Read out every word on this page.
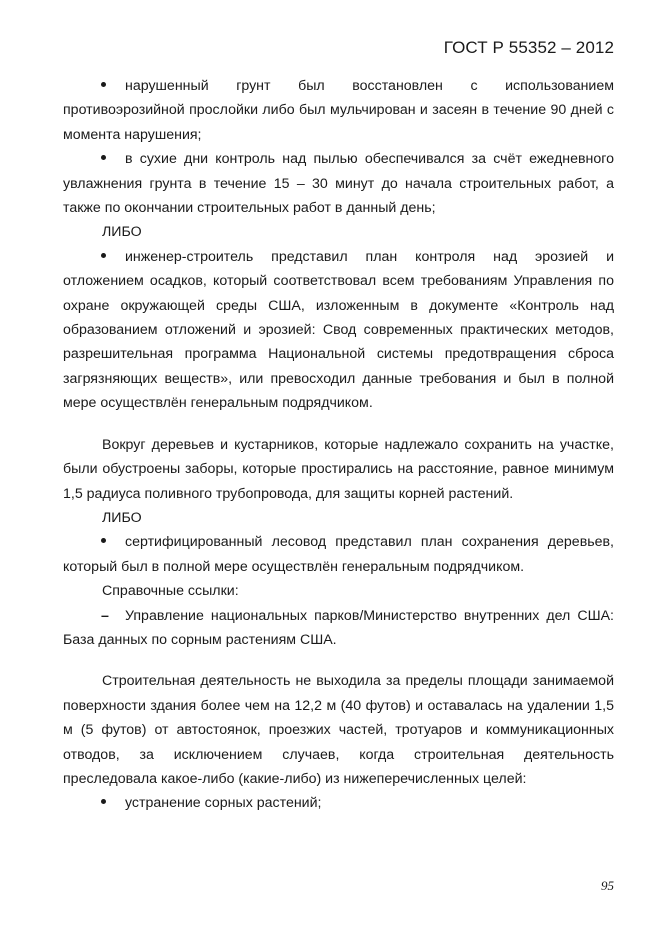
ГОСТ Р 55352 – 2012
нарушенный грунт был восстановлен с использованием противоэрозийной прослойки либо был мульчирован и засеян в течение 90 дней с момента нарушения;
в сухие дни контроль над пылью обеспечивался за счёт ежедневного увлажнения грунта в течение 15 – 30 минут до начала строительных работ, а также по окончании строительных работ в данный день;
ЛИБО
инженер-строитель представил план контроля над эрозией и отложением осадков, который соответствовал всем требованиям Управления по охране окружающей среды США, изложенным в документе «Контроль над образованием отложений и эрозией: Свод современных практических методов, разрешительная программа Национальной системы предотвращения сброса загрязняющих веществ», или превосходил данные требования и был в полной мере осуществлён генеральным подрядчиком.

Вокруг деревьев и кустарников, которые надлежало сохранить на участке, были обустроены заборы, которые простирались на расстояние, равное минимум 1,5 радиуса поливного трубопровода, для защиты корней растений.

ЛИБО
сертифицированный лесовод представил план сохранения деревьев, который был в полной мере осуществлён генеральным подрядчиком.
Справочные ссылки:
– Управление национальных парков/Министерство внутренних дел США: База данных по сорным растениям США.

Строительная деятельность не выходила за пределы площади занимаемой поверхности здания более чем на 12,2 м (40 футов) и оставалась на удалении 1,5 м (5 футов) от автостоянок, проезжих частей, тротуаров и коммуникационных отводов, за исключением случаев, когда строительная деятельность преследовала какое-либо (какие-либо) из нижеперечисленных целей:

устранение сорных растений;
95
